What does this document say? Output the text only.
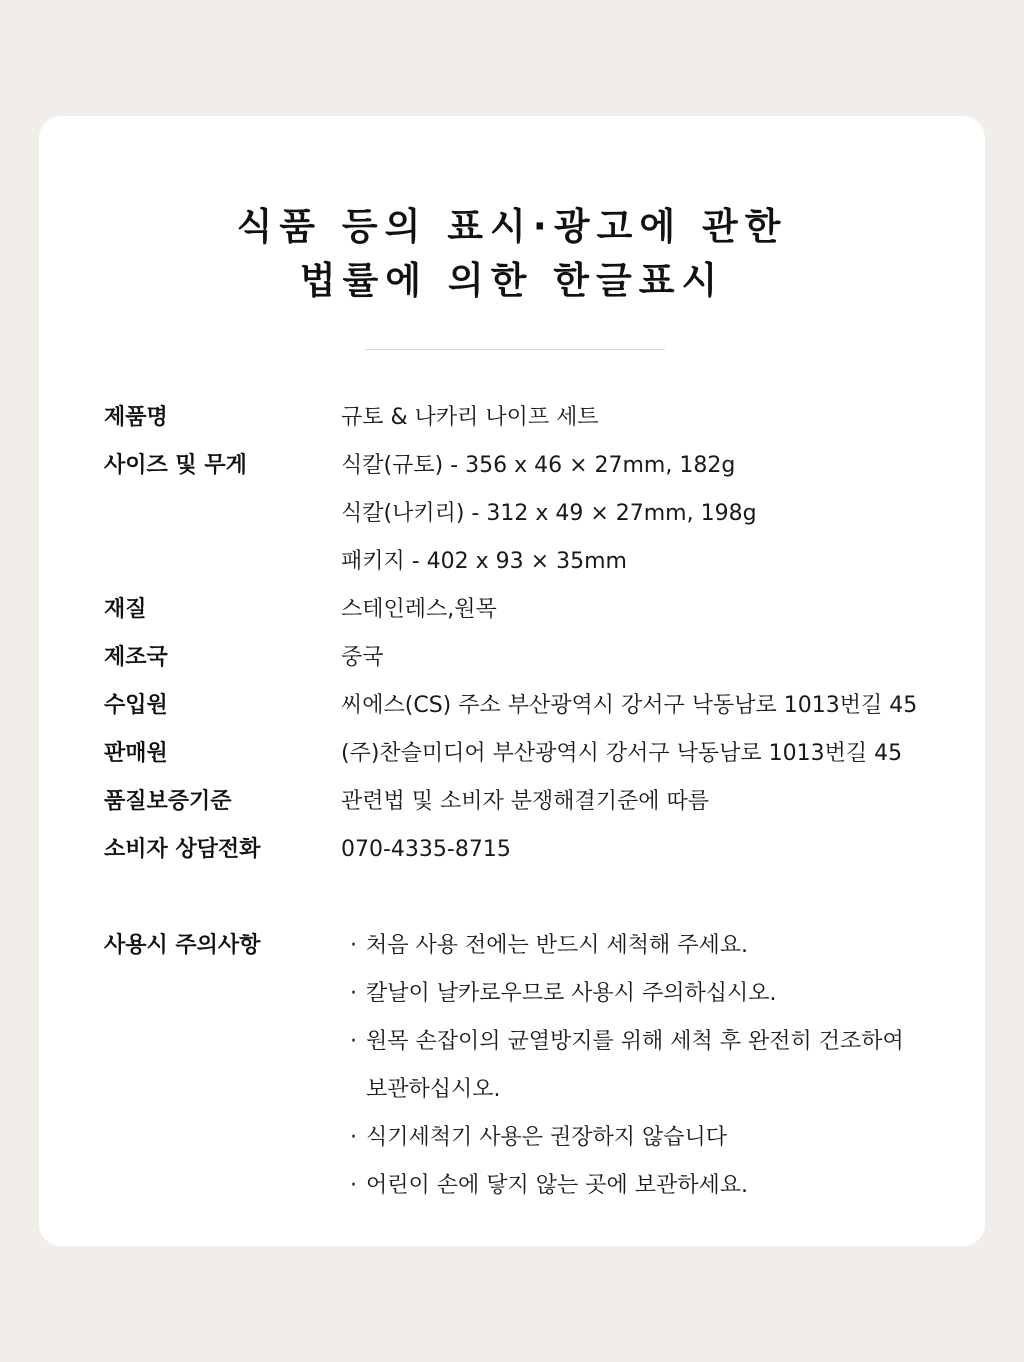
식품 등의 표시·광고에 관한
법률에 의한 한글표시
제품명	규토 & 나카리 나이프 세트
사이즈 및 무게	식칼(규토) - 356 x 46 × 27mm, 182g
식칼(나키리) - 312 x 49 × 27mm, 198g
패키지 - 402 x 93 × 35mm
재질	스테인레스,원목
제조국	중국
수입원	씨에스(CS) 주소 부산광역시 강서구 낙동남로 1013번길 45
판매원	(주)찬슬미디어 부산광역시 강서구 낙동남로 1013번길 45
품질보증기준	관련법 및 소비자 분쟁해결기준에 따름
소비자 상담전화	070-4335-8715
사용시 주의사항	· 처음 사용 전에는 반드시 세척해 주세요.
· 칼날이 날카로우므로 사용시 주의하십시오.
· 원목 손잡이의 균열방지를 위해 세척 후 완전히 건조하여 보관하십시오.
· 식기세척기 사용은 권장하지 않습니다
· 어린이 손에 닿지 않는 곳에 보관하세요.
